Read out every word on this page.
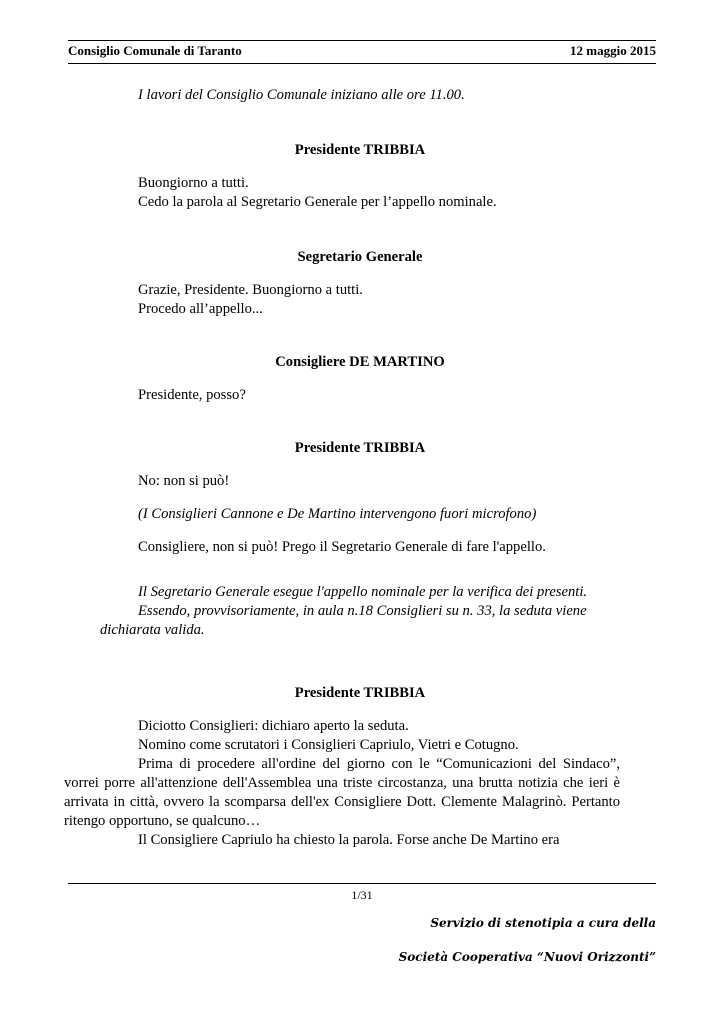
Consiglio Comunale di Taranto	12 maggio 2015

I lavori del Consiglio Comunale iniziano alle ore 11.00.

Presidente TRIBBIA

Buongiorno a tutti.

Cedo la parola al Segretario Generale per l’appello nominale.

Segretario Generale

Grazie, Presidente. Buongiorno a tutti.

Procedo all’appello...

Consigliere DE MARTINO

Presidente, posso?

Presidente TRIBBIA

No: non si può!

(I Consiglieri Cannone e De Martino intervengono fuori microfono)

Consigliere, non si può! Prego il Segretario Generale di fare l'appello.

Il Segretario Generale esegue l'appello nominale per la verifica dei presenti.

Essendo, provvisoriamente, in aula n.18 Consiglieri su n. 33, la seduta viene dichiarata valida.

Presidente TRIBBIA

Diciotto Consiglieri: dichiaro aperto la seduta.

Nomino come scrutatori i Consiglieri Capriulo, Vietri e Cotugno.

Prima di procedere all'ordine del giorno con le “Comunicazioni del Sindaco”, vorrei porre all'attenzione dell'Assemblea una triste circostanza, una brutta notizia che ieri è arrivata in città, ovvero la scomparsa dell'ex Consigliere Dott. Clemente Malagrinò. Pertanto ritengo opportuno, se qualcuno…

Il Consigliere Capriulo ha chiesto la parola. Forse anche De Martino era

1/31
Servizio di stenotipia a cura della
Società Cooperativa “Nuovi Orizzonti”
